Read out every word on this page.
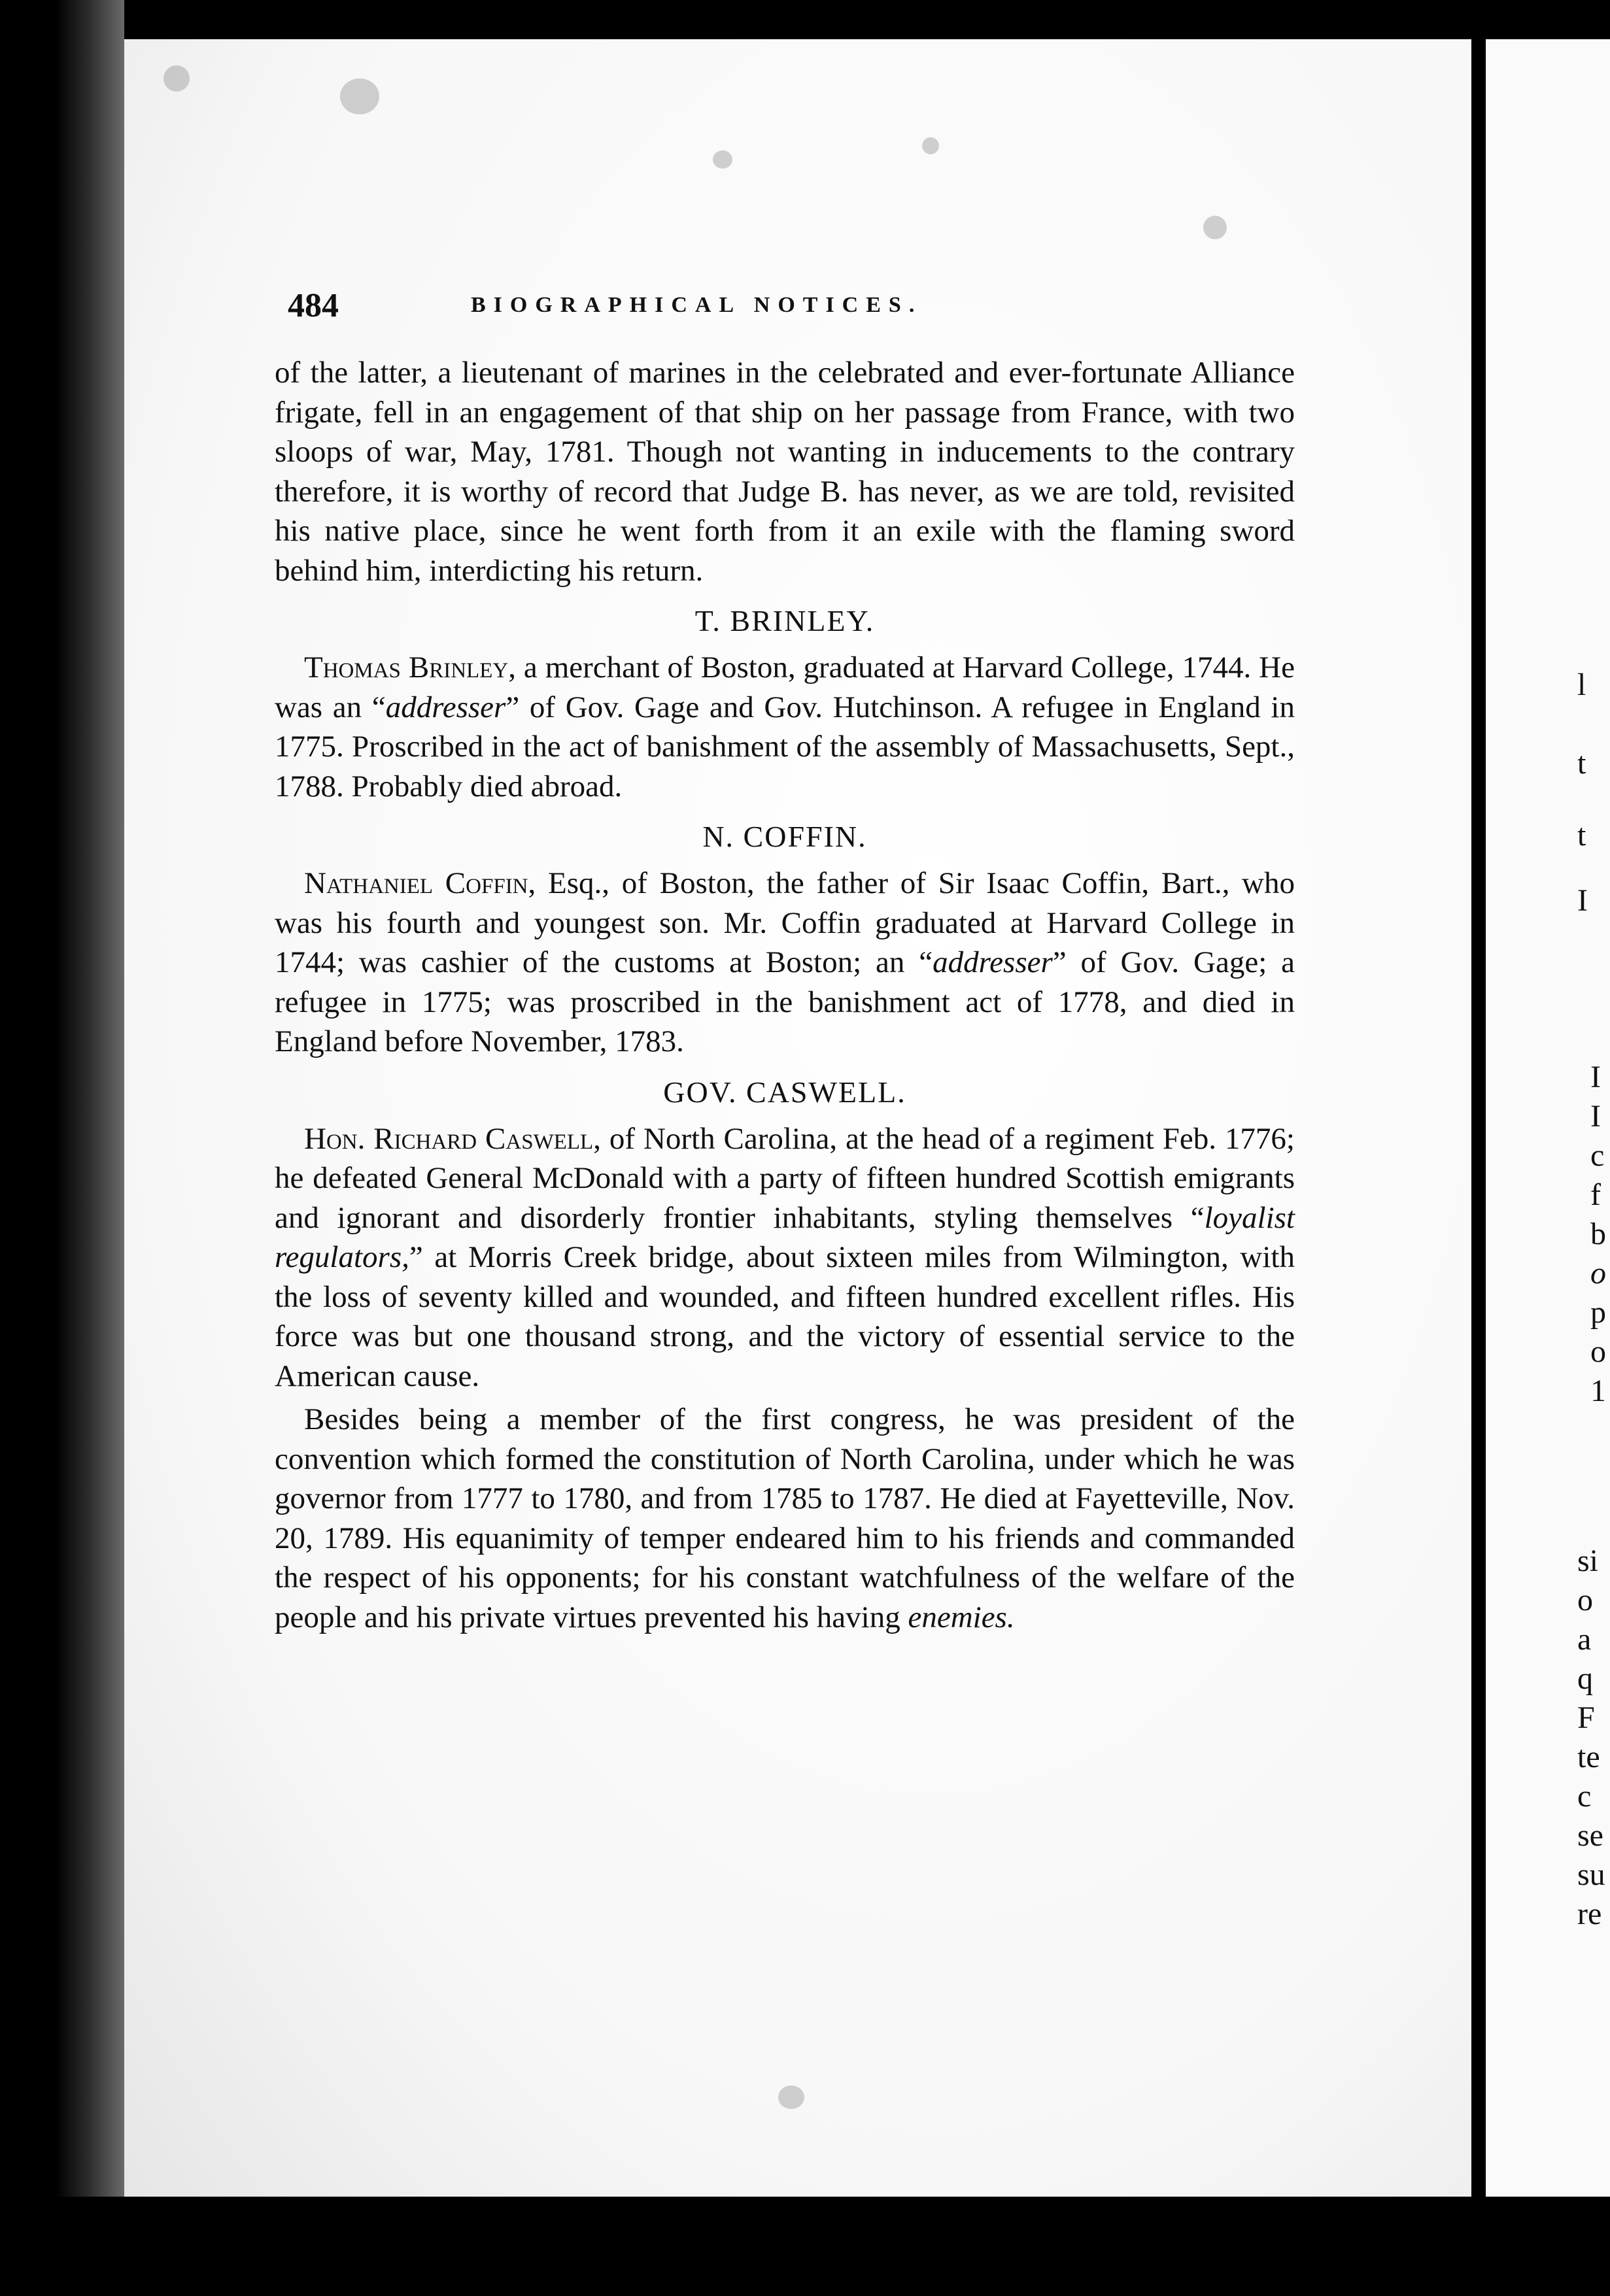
l
t
t
I
I
I
c
f
b
o
p
o
1
si
o
a
q
F
te
c
se
su
re
484	BIOGRAPHICAL NOTICES.

of the latter, a lieutenant of marines in the celebrated and ever-fortunate Alliance frigate, fell in an engagement of that ship on her passage from France, with two sloops of war, May, 1781. Though not wanting in inducements to the contrary therefore, it is worthy of record that Judge B. has never, as we are told, revisited his native place, since he went forth from it an exile with the flaming sword behind him, interdicting his return.

T. BRINLEY.

Thomas Brinley, a merchant of Boston, graduated at Harvard College, 1744. He was an “addresser” of Gov. Gage and Gov. Hutchinson. A refugee in England in 1775. Proscribed in the act of banishment of the assembly of Massachusetts, Sept., 1788. Probably died abroad.

N. COFFIN.

Nathaniel Coffin, Esq., of Boston, the father of Sir Isaac Coffin, Bart., who was his fourth and youngest son. Mr. Coffin graduated at Harvard College in 1744; was cashier of the customs at Boston; an “addresser” of Gov. Gage; a refugee in 1775; was proscribed in the banishment act of 1778, and died in England before November, 1783.

GOV. CASWELL.

Hon. Richard Caswell, of North Carolina, at the head of a regiment Feb. 1776; he defeated General McDonald with a party of fifteen hundred Scottish emigrants and ignorant and disorderly frontier inhabitants, styling themselves “loyalist regulators,” at Morris Creek bridge, about sixteen miles from Wilmington, with the loss of seventy killed and wounded, and fifteen hundred excellent rifles. His force was but one thousand strong, and the victory of essential service to the American cause.

Besides being a member of the first congress, he was president of the convention which formed the constitution of North Carolina, under which he was governor from 1777 to 1780, and from 1785 to 1787. He died at Fayetteville, Nov. 20, 1789. His equanimity of temper endeared him to his friends and commanded the respect of his opponents; for his constant watchfulness of the welfare of the people and his private virtues prevented his having enemies.
